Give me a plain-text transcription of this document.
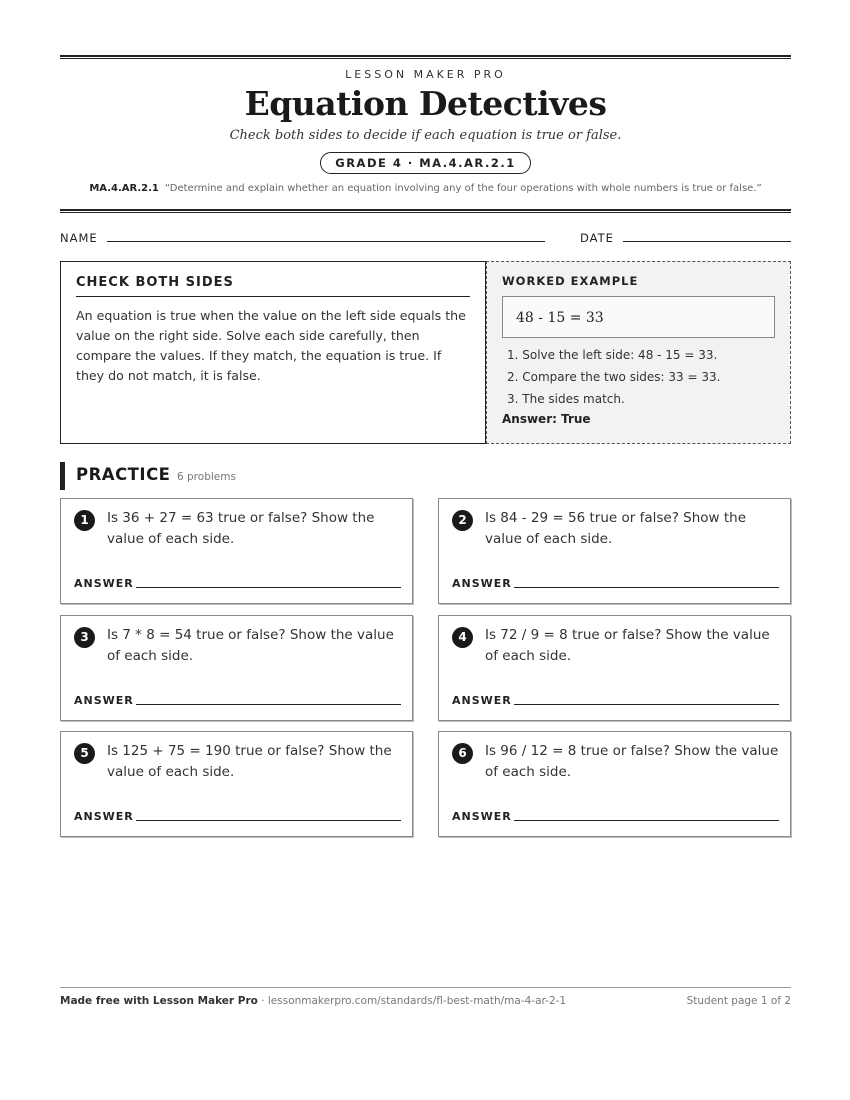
LESSON MAKER PRO
Equation Detectives
Check both sides to decide if each equation is true or false.
GRADE 4 · MA.4.AR.2.1
MA.4.AR.2.1 “Determine and explain whether an equation involving any of the four operations with whole numbers is true or false.”
NAME	DATE
CHECK BOTH SIDES
An equation is true when the value on the left side equals the value on the right side. Solve each side carefully, then compare the values. If they match, the equation is true. If they do not match, it is false.
WORKED EXAMPLE
48 - 15 = 33
1. Solve the left side: 48 - 15 = 33.
2. Compare the two sides: 33 = 33.
3. The sides match.
Answer: True
PRACTICE 6 problems
1	Is 36 + 27 = 63 true or false? Show the value of each side.
ANSWER
2	Is 84 - 29 = 56 true or false? Show the value of each side.
ANSWER
3	Is 7 * 8 = 54 true or false? Show the value of each side.
ANSWER
4	Is 72 / 9 = 8 true or false? Show the value of each side.
ANSWER
5	Is 125 + 75 = 190 true or false? Show the value of each side.
ANSWER
6	Is 96 / 12 = 8 true or false? Show the value of each side.
ANSWER
Made free with Lesson Maker Pro · lessonmakerpro.com/standards/fl-best-math/ma-4-ar-2-1	Student page 1 of 2
